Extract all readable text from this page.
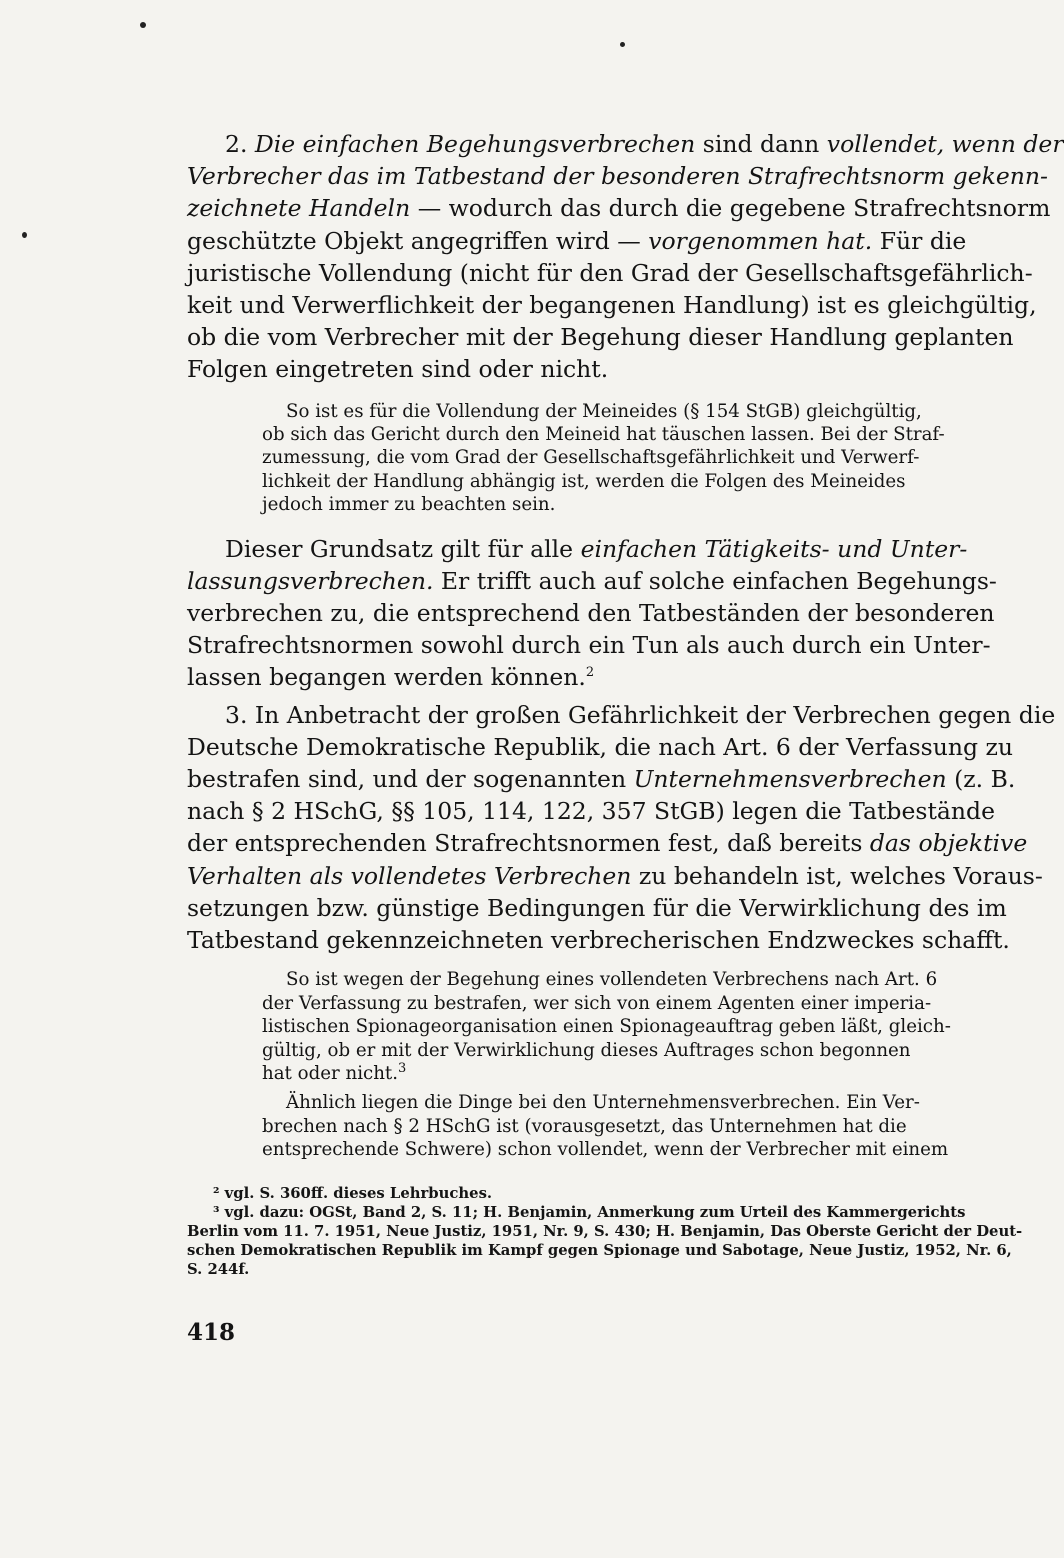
2. Die einfachen Begehungsverbrechen sind dann vollendet, wenn der
Verbrecher das im Tatbestand der besonderen Strafrechtsnorm gekenn-
zeichnete Handeln — wodurch das durch die gegebene Strafrechtsnorm
geschützte Objekt angegriffen wird — vorgenommen hat. Für die
juristische Vollendung (nicht für den Grad der Gesellschaftsgefährlich-
keit und Verwerflichkeit der begangenen Handlung) ist es gleichgültig,
ob die vom Verbrecher mit der Begehung dieser Handlung geplanten
Folgen eingetreten sind oder nicht.

So ist es für die Vollendung der Meineides (§ 154 StGB) gleichgültig,
ob sich das Gericht durch den Meineid hat täuschen lassen. Bei der Straf-
zumessung, die vom Grad der Gesellschaftsgefährlichkeit und Verwerf-
lichkeit der Handlung abhängig ist, werden die Folgen des Meineides
jedoch immer zu beachten sein.

Dieser Grundsatz gilt für alle einfachen Tätigkeits- und Unter-
lassungsverbrechen. Er trifft auch auf solche einfachen Begehungs-
verbrechen zu, die entsprechend den Tatbeständen der besonderen
Strafrechtsnormen sowohl durch ein Tun als auch durch ein Unter-
lassen begangen werden können.$^2$

3. In Anbetracht der großen Gefährlichkeit der Verbrechen gegen die
Deutsche Demokratische Republik, die nach Art. 6 der Verfassung zu
bestrafen sind, und der sogenannten Unternehmensverbrechen (z. B.
nach § 2 HSchG, §§ 105, 114, 122, 357 StGB) legen die Tatbestände
der entsprechenden Strafrechtsnormen fest, daß bereits das objektive
Verhalten als vollendetes Verbrechen zu behandeln ist, welches Voraus-
setzungen bzw. günstige Bedingungen für die Verwirklichung des im
Tatbestand gekennzeichneten verbrecherischen Endzweckes schafft.

So ist wegen der Begehung eines vollendeten Verbrechens nach Art. 6
der Verfassung zu bestrafen, wer sich von einem Agenten einer imperia-
listischen Spionageorganisation einen Spionageauftrag geben läßt, gleich-
gültig, ob er mit der Verwirklichung dieses Auftrages schon begonnen
hat oder nicht.$^3$

Ähnlich liegen die Dinge bei den Unternehmensverbrechen. Ein Ver-
brechen nach § 2 HSchG ist (vorausgesetzt, das Unternehmen hat die
entsprechende Schwere) schon vollendet, wenn der Verbrecher mit einem

² vgl. S. 360ff. dieses Lehrbuches.

³ vgl. dazu: OGSt, Band 2, S. 11; H. Benjamin, Anmerkung zum Urteil des Kammergerichts
Berlin vom 11. 7. 1951, Neue Justiz, 1951, Nr. 9, S. 430; H. Benjamin, Das Oberste Gericht der Deut-
schen Demokratischen Republik im Kampf gegen Spionage und Sabotage, Neue Justiz, 1952, Nr. 6,
S. 244f.

418
